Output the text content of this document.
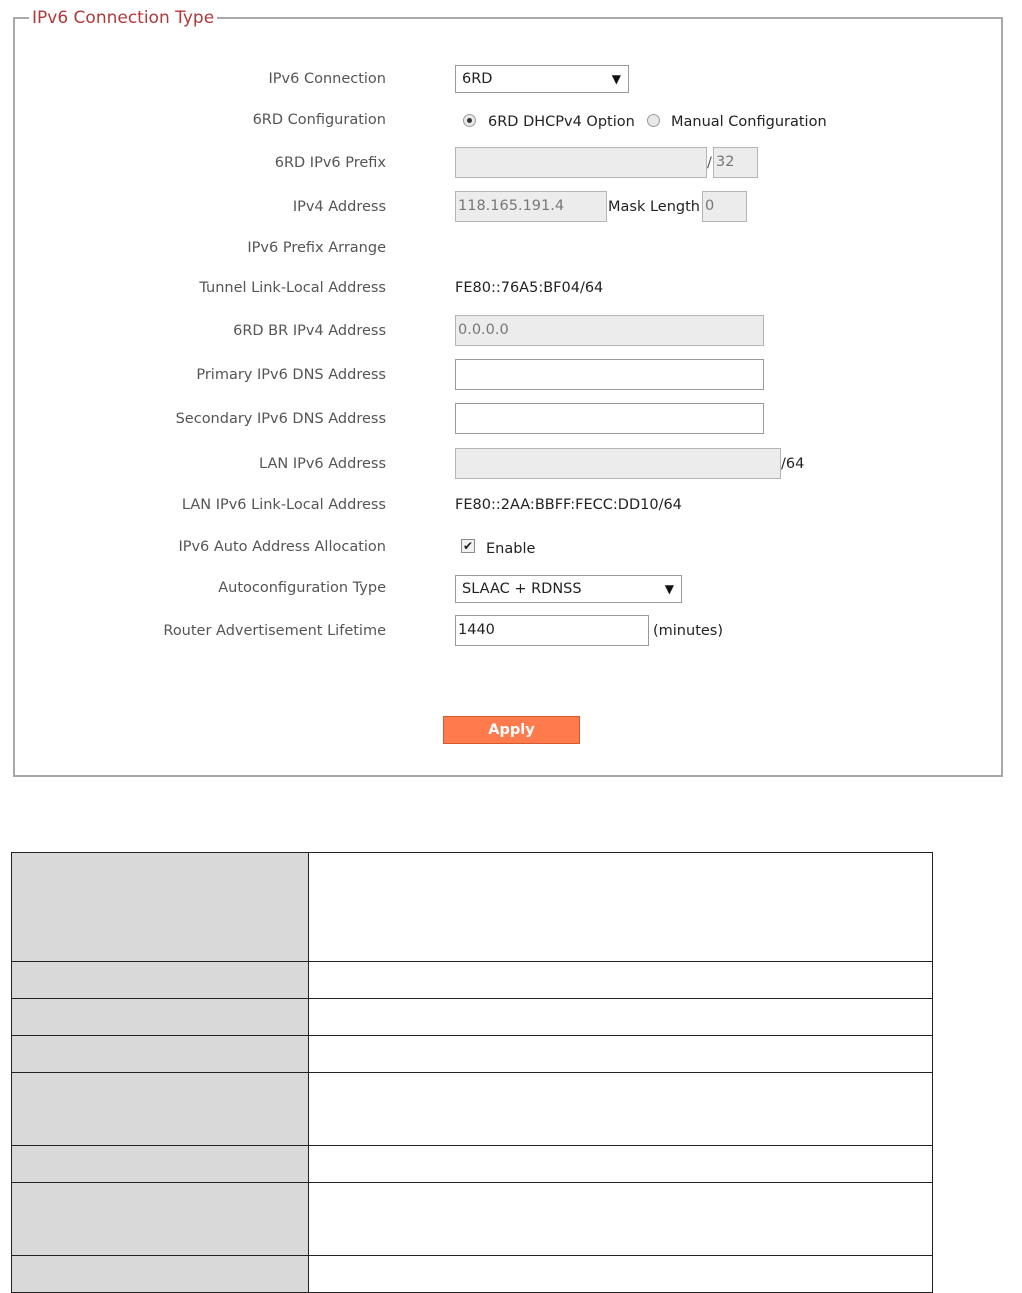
IPv6 Connection Type
IPv6 Connection	6RD	▼
6RD Configuration	6RD DHCPv4 Option Manual Configuration
6RD IPv6 Prefix	/ 32
IPv4 Address	118.165.191.4	Mask Length 0
IPv6 Prefix Arrange
Tunnel Link-Local Address	FE80::76A5:BF04/64
6RD BR IPv4 Address	0.0.0.0
Primary IPv6 DNS Address
Secondary IPv6 DNS Address
LAN IPv6 Address	/64
LAN IPv6 Link-Local Address	FE80::2AA:BBFF:FECC:DD10/64
IPv6 Auto Address Allocation	✔ Enable
Autoconfiguration Type	SLAAC + RDNSS	▼
Router Advertisement Lifetime	1440	(minutes)
Apply
